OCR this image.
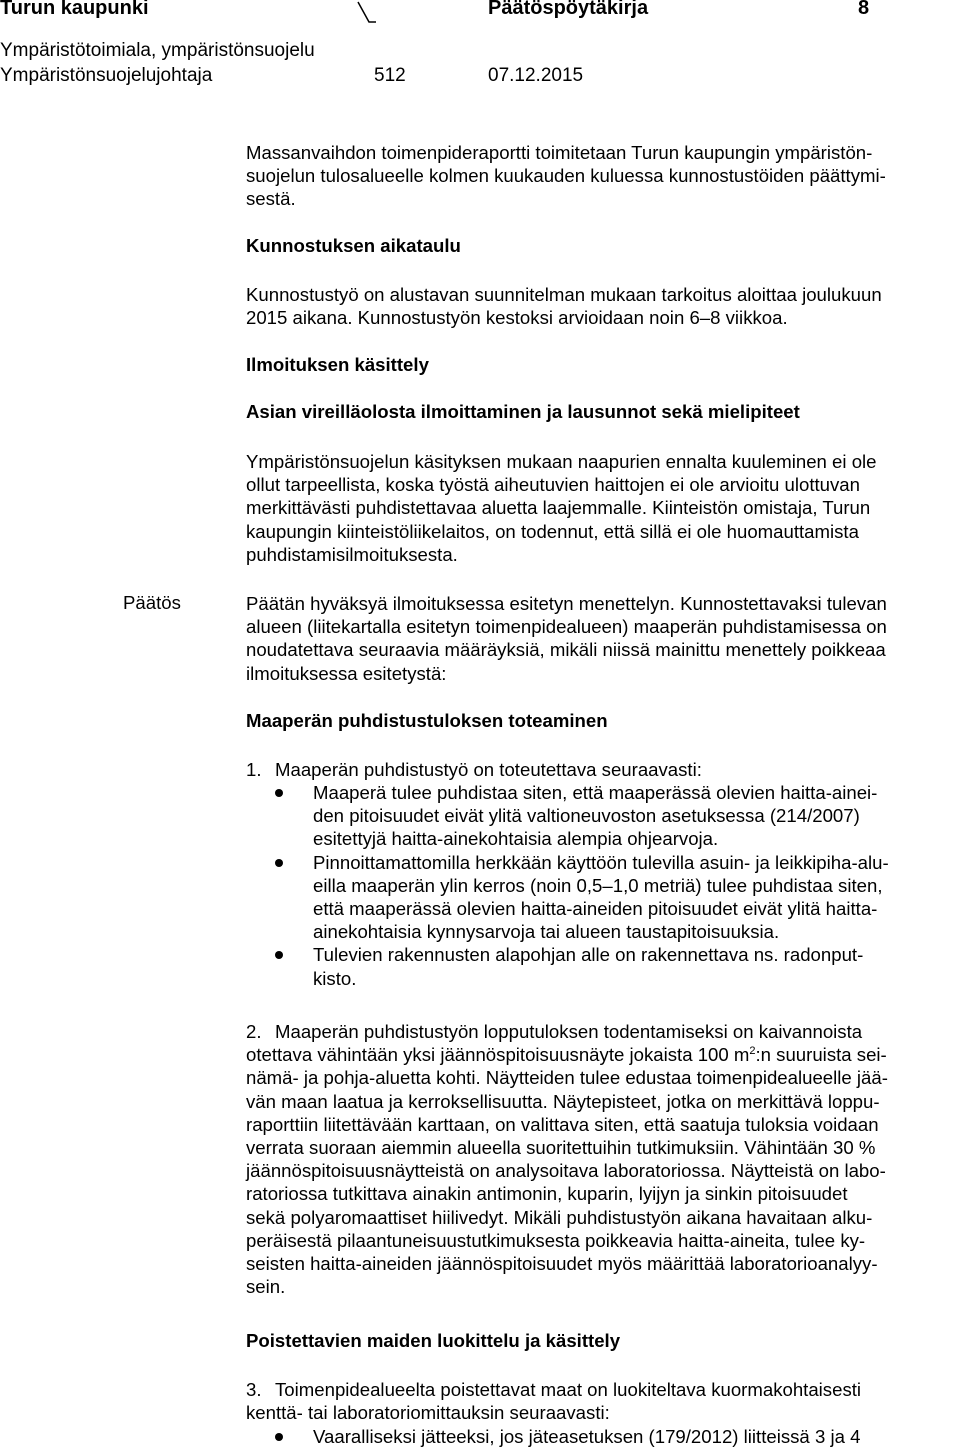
Turun kaupunki	Päätöspöytäkirja	8
Ympäristötoimiala, ympäristönsuojelu
Ympäristönsuojelujohtaja	512	07.12.2015
Massanvaihdon toimenpideraportti toimitetaan Turun kaupungin ympäristön-
suojelun tulosalueelle kolmen kuukauden kuluessa kunnostustöiden päättymi-
sestä.
Kunnostuksen aikataulu
Kunnostustyö on alustavan suunnitelman mukaan tarkoitus aloittaa joulukuun
2015 aikana. Kunnostustyön kestoksi arvioidaan noin 6–8 viikkoa.
Ilmoituksen käsittely
Asian vireilläolosta ilmoittaminen ja lausunnot sekä mielipiteet
Ympäristönsuojelun käsityksen mukaan naapurien ennalta kuuleminen ei ole
ollut tarpeellista, koska työstä aiheutuvien haittojen ei ole arvioitu ulottuvan
merkittävästi puhdistettavaa aluetta laajemmalle. Kiinteistön omistaja, Turun
kaupungin kiinteistöliikelaitos, on todennut, että sillä ei ole huomauttamista
puhdistamisilmoituksesta.
Päätös	Päätän hyväksyä ilmoituksessa esitetyn menettelyn. Kunnostettavaksi tulevan
alueen (liitekartalla esitetyn toimenpidealueen) maaperän puhdistamisessa on
noudatettava seuraavia määräyksiä, mikäli niissä mainittu menettely poikkeaa
ilmoituksessa esitetystä:
Maaperän puhdistustuloksen toteaminen
1. Maaperän puhdistustyö on toteutettava seuraavasti:
Maaperä tulee puhdistaa siten, että maaperässä olevien haitta-ainei-
den pitoisuudet eivät ylitä valtioneuvoston asetuksessa (214/2007)
esitettyjä haitta-ainekohtaisia alempia ohjearvoja.
Pinnoittamattomilla herkkään käyttöön tulevilla asuin- ja leikkipiha-alu-
eilla maaperän ylin kerros (noin 0,5–1,0 metriä) tulee puhdistaa siten,
että maaperässä olevien haitta-aineiden pitoisuudet eivät ylitä haitta-
ainekohtaisia kynnysarvoja tai alueen taustapitoisuuksia.
Tulevien rakennusten alapohjan alle on rakennettava ns. radonput-
kisto.
2. Maaperän puhdistustyön lopputuloksen todentamiseksi on kaivannoista
otettava vähintään yksi jäännöspitoisuusnäyte jokaista 100 $m^2:n$ suuruista sei-
nämä- ja pohja-aluetta kohti. Näytteiden tulee edustaa toimenpidealueelle jää-
vän maan laatua ja kerroksellisuutta. Näytepisteet, jotka on merkittävä loppu-
raporttiin liitettävään karttaan, on valittava siten, että saatuja tuloksia voidaan
verrata suoraan aiemmin alueella suoritettuihin tutkimuksiin. Vähintään 30 %
jäännöspitoisuusnäytteistä on analysoitava laboratoriossa. Näytteistä on labo-
ratoriossa tutkittava ainakin antimonin, kuparin, lyijyn ja sinkin pitoisuudet
sekä polyaromaattiset hiilivedyt. Mikäli puhdistustyön aikana havaitaan alku-
peräisestä pilaantuneisuustutkimuksesta poikkeavia haitta-aineita, tulee ky-
seisten haitta-aineiden jäännöspitoisuudet myös määrittää laboratorioanalyy-
sein.
Poistettavien maiden luokittelu ja käsittely
3. Toimenpidealueelta poistettavat maat on luokiteltava kuormakohtaisesti
kenttä- tai laboratoriomittauksin seuraavasti:
Vaaralliseksi jätteeksi, jos jäteasetuksen (179/2012) liitteissä 3 ja 4
